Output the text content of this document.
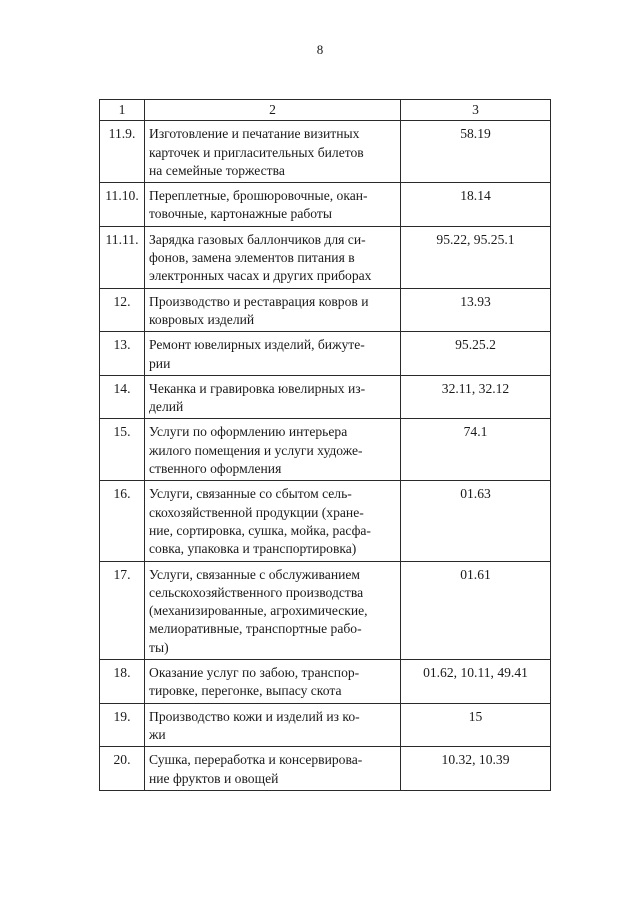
8
1	2	3
11.9.	Изготовление и печатание визитных
карточек и пригласительных билетов
на семейные торжества	58.19
11.10.	Переплетные, брошюровочные, окан-
товочные, картонажные работы	18.14
11.11.	Зарядка газовых баллончиков для си-
фонов, замена элементов питания в
электронных часах и других приборах	95.22, 95.25.1
12.	Производство и реставрация ковров и
ковровых изделий	13.93
13.	Ремонт ювелирных изделий, бижуте-
рии	95.25.2
14.	Чеканка и гравировка ювелирных из-
делий	32.11, 32.12
15.	Услуги по оформлению интерьера
жилого помещения и услуги художе-
ственного оформления	74.1
16.	Услуги, связанные со сбытом сель-
скохозяйственной продукции (хране-
ние, сортировка, сушка, мойка, расфа-
совка, упаковка и транспортировка)	01.63
17.	Услуги, связанные с обслуживанием
сельскохозяйственного производства
(механизированные, агрохимические,
мелиоративные, транспортные рабо-
ты)	01.61
18.	Оказание услуг по забою, транспор-
тировке, перегонке, выпасу скота	01.62, 10.11, 49.41
19.	Производство кожи и изделий из ко-
жи	15
20.	Сушка, переработка и консервирова-
ние фруктов и овощей	10.32, 10.39
